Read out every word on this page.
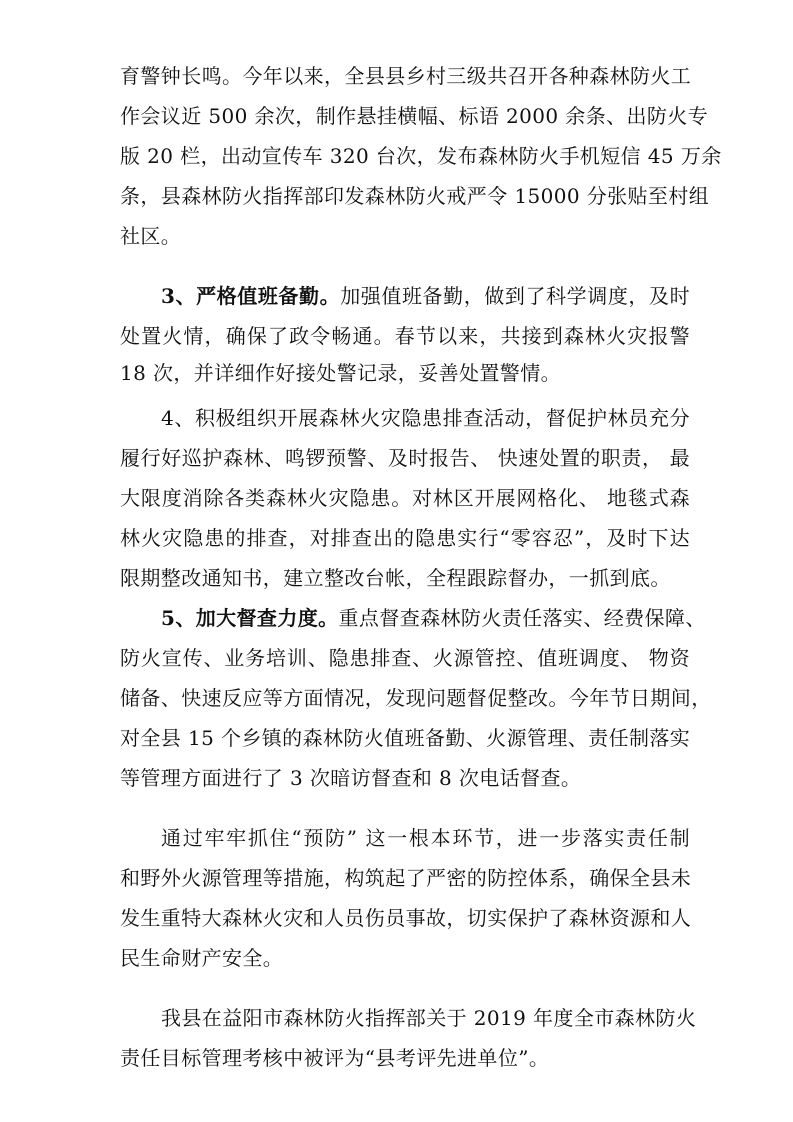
育警钟长鸣。今年以来，全县县乡村三级共召开各种森林防火工
作会议近 500 余次，制作悬挂横幅、标语 2000 余条、出防火专
版 20 栏，出动宣传车 320 台次，发布森林防火手机短信 45 万余
条，县森林防火指挥部印发森林防火戒严令 15000 分张贴至村组
社区。
3、严格值班备勤。加强值班备勤，做到了科学调度，及时
处置火情，确保了政令畅通。春节以来，共接到森林火灾报警
18 次，并详细作好接处警记录，妥善处置警情。
4、积极组织开展森林火灾隐患排查活动，督促护林员充分
履行好巡护森林、鸣锣预警、及时报告、 快速处置的职责， 最
大限度消除各类森林火灾隐患。对林区开展网格化、 地毯式森
林火灾隐患的排查，对排查出的隐患实行“零容忍”，及时下达
限期整改通知书，建立整改台帐，全程跟踪督办，一抓到底。
5、加大督查力度。重点督查森林防火责任落实、经费保障、
防火宣传、业务培训、隐患排查、火源管控、值班调度、 物资
储备、快速反应等方面情况，发现问题督促整改。今年节日期间，
对全县 15 个乡镇的森林防火值班备勤、火源管理、责任制落实
等管理方面进行了 3 次暗访督查和 8 次电话督查。
通过牢牢抓住“预防” 这一根本环节，进一步落实责任制
和野外火源管理等措施，构筑起了严密的防控体系，确保全县未
发生重特大森林火灾和人员伤员事故，切实保护了森林资源和人
民生命财产安全。
我县在益阳市森林防火指挥部关于 2019 年度全市森林防火
责任目标管理考核中被评为“县考评先进单位”。
